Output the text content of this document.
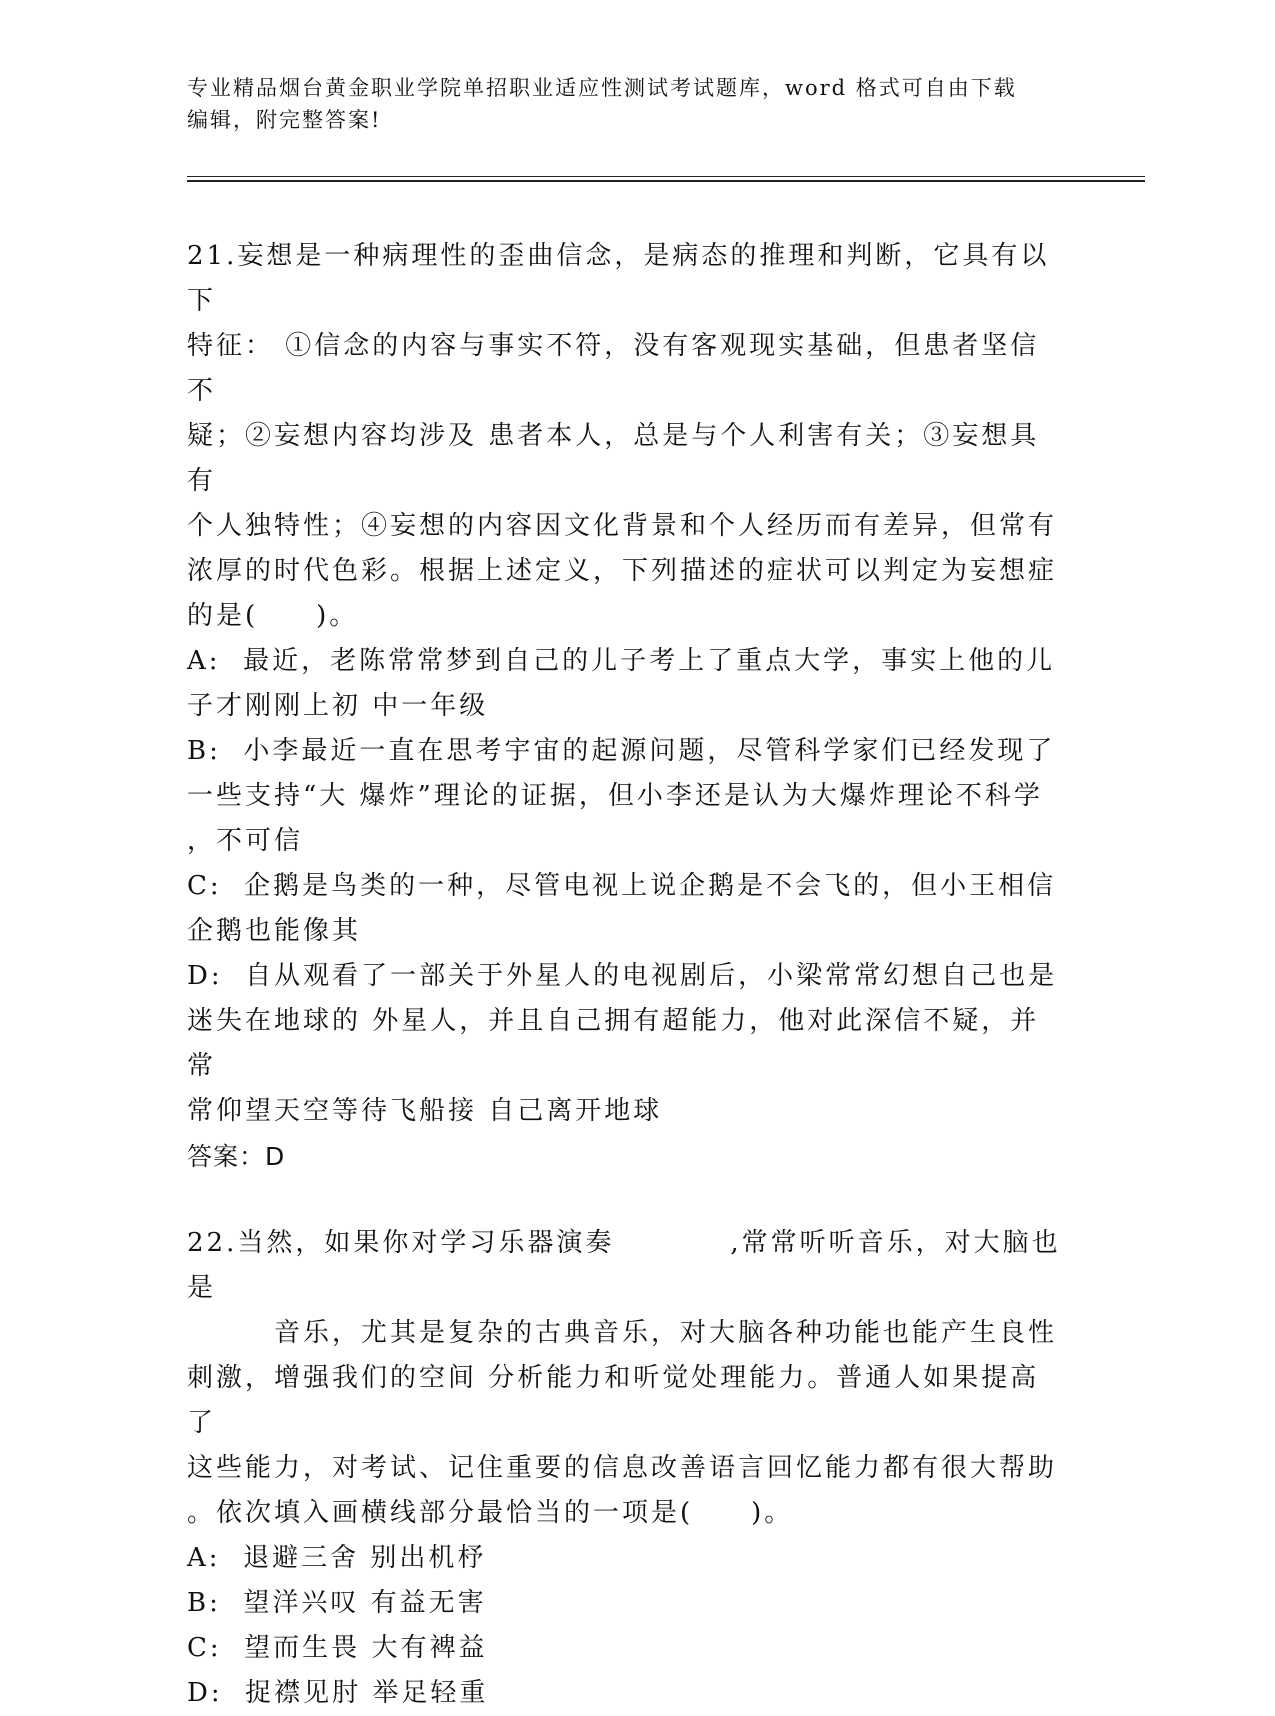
专业精品烟台黄金职业学院单招职业适应性测试考试题库，word 格式可自由下载
编辑，附完整答案!

21.妄想是一种病理性的歪曲信念，是病态的推理和判断，它具有以下

特征： ①信念的内容与事实不符，没有客观现实基础，但患者坚信不

疑；②妄想内容均涉及 患者本人，总是与个人利害有关；③妄想具有

个人独特性；④妄想的内容因文化背景和个人经历而有差异，但常有

浓厚的时代色彩。根据上述定义，下列描述的症状可以判定为妄想症

的是(　　)。

A:  最近，老陈常常梦到自己的儿子考上了重点大学，事实上他的儿

子才刚刚上初 中一年级

B:  小李最近一直在思考宇宙的起源问题，尽管科学家们已经发现了

一些支持“大 爆炸”理论的证据，但小李还是认为大爆炸理论不科学

，不可信

C:  企鹅是鸟类的一种，尽管电视上说企鹅是不会飞的，但小王相信

企鹅也能像其

D:  自从观看了一部关于外星人的电视剧后，小梁常常幻想自己也是

迷失在地球的 外星人，并且自己拥有超能力，他对此深信不疑，并常

常仰望天空等待飞船接 自己离开地球

答案：D

22.当然，如果你对学习乐器演奏　　　　,常常听听音乐，对大脑也是

　　　音乐，尤其是复杂的古典音乐，对大脑各种功能也能产生良性

刺激，增强我们的空间 分析能力和听觉处理能力。普通人如果提高了

这些能力，对考试、记住重要的信息改善语言回忆能力都有很大帮助

。依次填入画横线部分最恰当的一项是(　　)。

A:  退避三舍 别出机杼

B:  望洋兴叹 有益无害

C:  望而生畏 大有裨益

D:  捉襟见肘 举足轻重
